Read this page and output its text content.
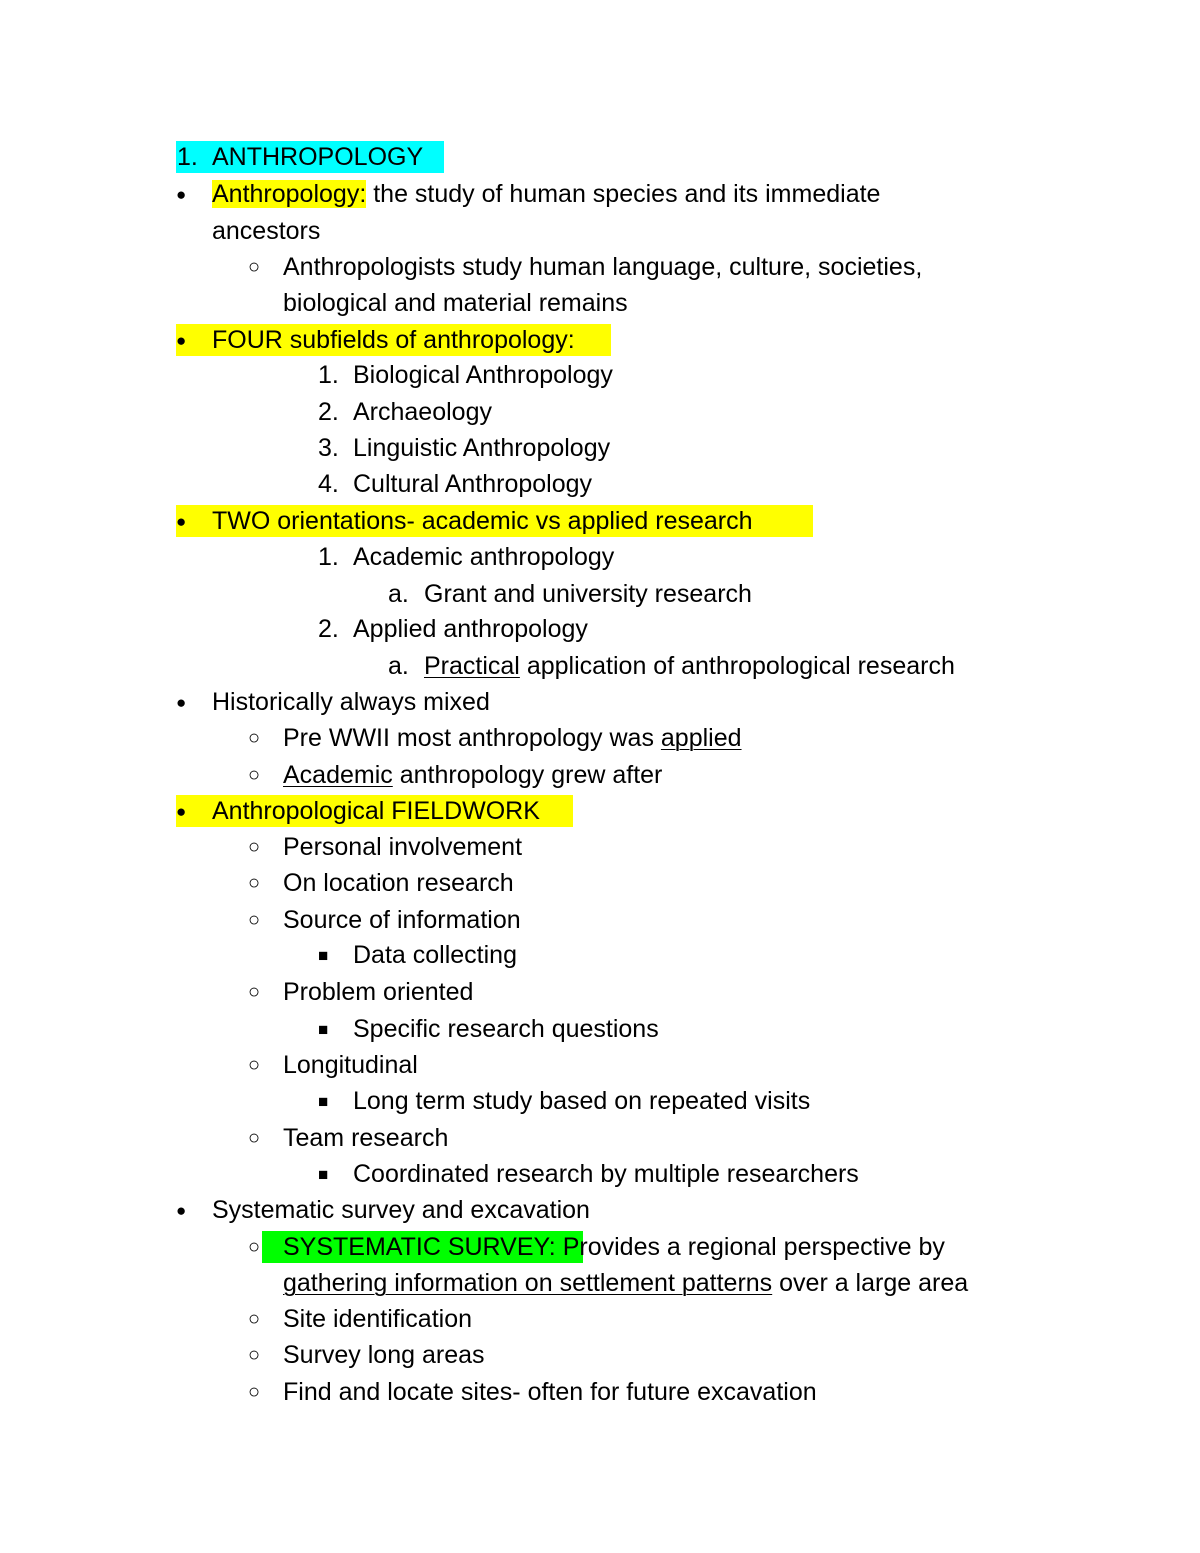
1. ANTHROPOLOGY
● Anthropology: the study of human species and its immediate
ancestors
○ Anthropologists study human language, culture, societies,
biological and material remains
● FOUR subfields of anthropology:
1. Biological Anthropology
2. Archaeology
3. Linguistic Anthropology
4. Cultural Anthropology
● TWO orientations- academic vs applied research
1. Academic anthropology
a. Grant and university research
2. Applied anthropology
a. Practical application of anthropological research
● Historically always mixed
○ Pre WWII most anthropology was applied
○ Academic anthropology grew after
● Anthropological FIELDWORK
○ Personal involvement
○ On location research
○ Source of information
■ Data collecting
○ Problem oriented
■ Specific research questions
○ Longitudinal
■ Long term study based on repeated visits
○ Team research
■ Coordinated research by multiple researchers
● Systematic survey and excavation
○ SYSTEMATIC SURVEY: Provides a regional perspective by
gathering information on settlement patterns over a large area
○ Site identification
○ Survey long areas
○ Find and locate sites- often for future excavation
